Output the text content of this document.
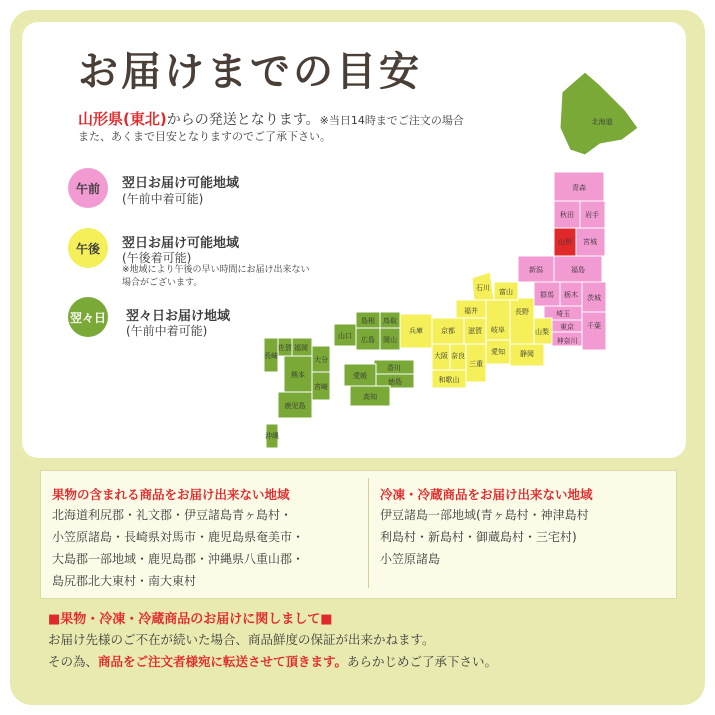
お届けまでの目安
山形県(東北)からの発送となります。※当日14時までご注文の場合
また、あくまで目安となりますのでご了承下さい。
午前	翌日お届け可能地域
(午前中着可能)
午後	翌日お届け可能地域
(午後着可能)
※地域により午後の早い時間にお届け出来ない
場合がございます。
翌々日 翌々日お届け地域
(午前中着可能)
北海道
青森
秋田 岩手
山形 宮城
新潟	福島
群馬 栃木 茨城
埼玉
東京 千葉
神奈川
山梨
長野
富山
石川
福井
岐阜
静岡
愛知
三重
滋賀
京都
大阪 奈良
和歌山
兵庫
鳥取
島根
岡山
広島
山口
香川
愛媛
徳島
高知
福岡
佐賀
長崎	大分
熊本
宮崎
鹿児島
沖縄
果物の含まれる商品をお届け出来ない地域
北海道利尻郡・礼文郡・伊豆諸島青ヶ島村・
小笠原諸島・長崎県対馬市・鹿児島県奄美市・
大島郡一部地域・鹿児島郡・沖縄県八重山郡・
島尻郡北大東村・南大東村
冷凍・冷蔵商品をお届け出来ない地域
伊豆諸島一部地域(青ヶ島村・神津島村
利島村・新島村・御蔵島村・三宅村)
小笠原諸島
■果物・冷凍・冷蔵商品のお届けに関しまして■
お届け先様のご不在が続いた場合、商品鮮度の保証が出来かねます。
その為、商品をご注文者様宛に転送させて頂きます。あらかじめご了承下さい。
